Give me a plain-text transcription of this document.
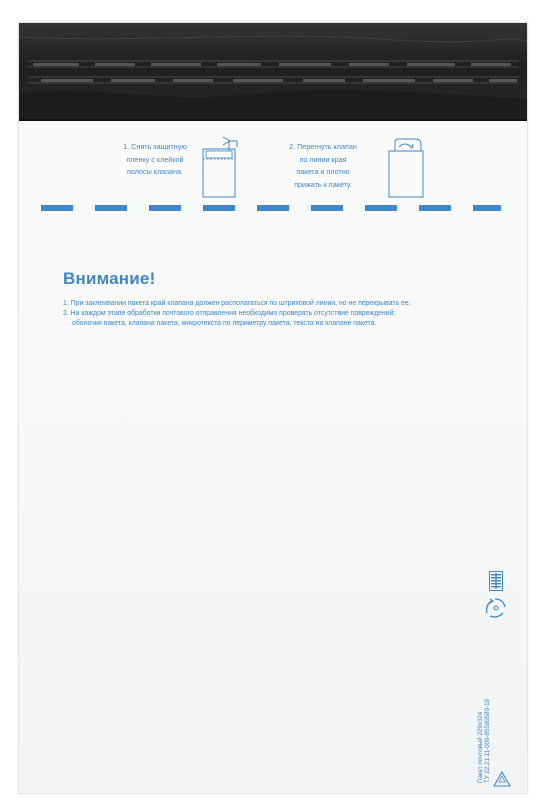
1. Снять защитную
пленку с клейкой
полосы клапана.
2. Перегнуть клапан
по линии края
пакета и плотно
прижать к пакету.
Внимание!
1. При заклеивании пакета край клапана должен располагаться по штриховой линии, но не перекрывать ее.
2. На каждом этапе обработки почтового отправления необходимо проверять отсутствие повреждений:
оболочки пакета, клапана пакета, микротекста по периметру пакета, текста на клапане пакета.
Пакет почтовый 229x324 ТУ 22.21.11-009-85580580-18
